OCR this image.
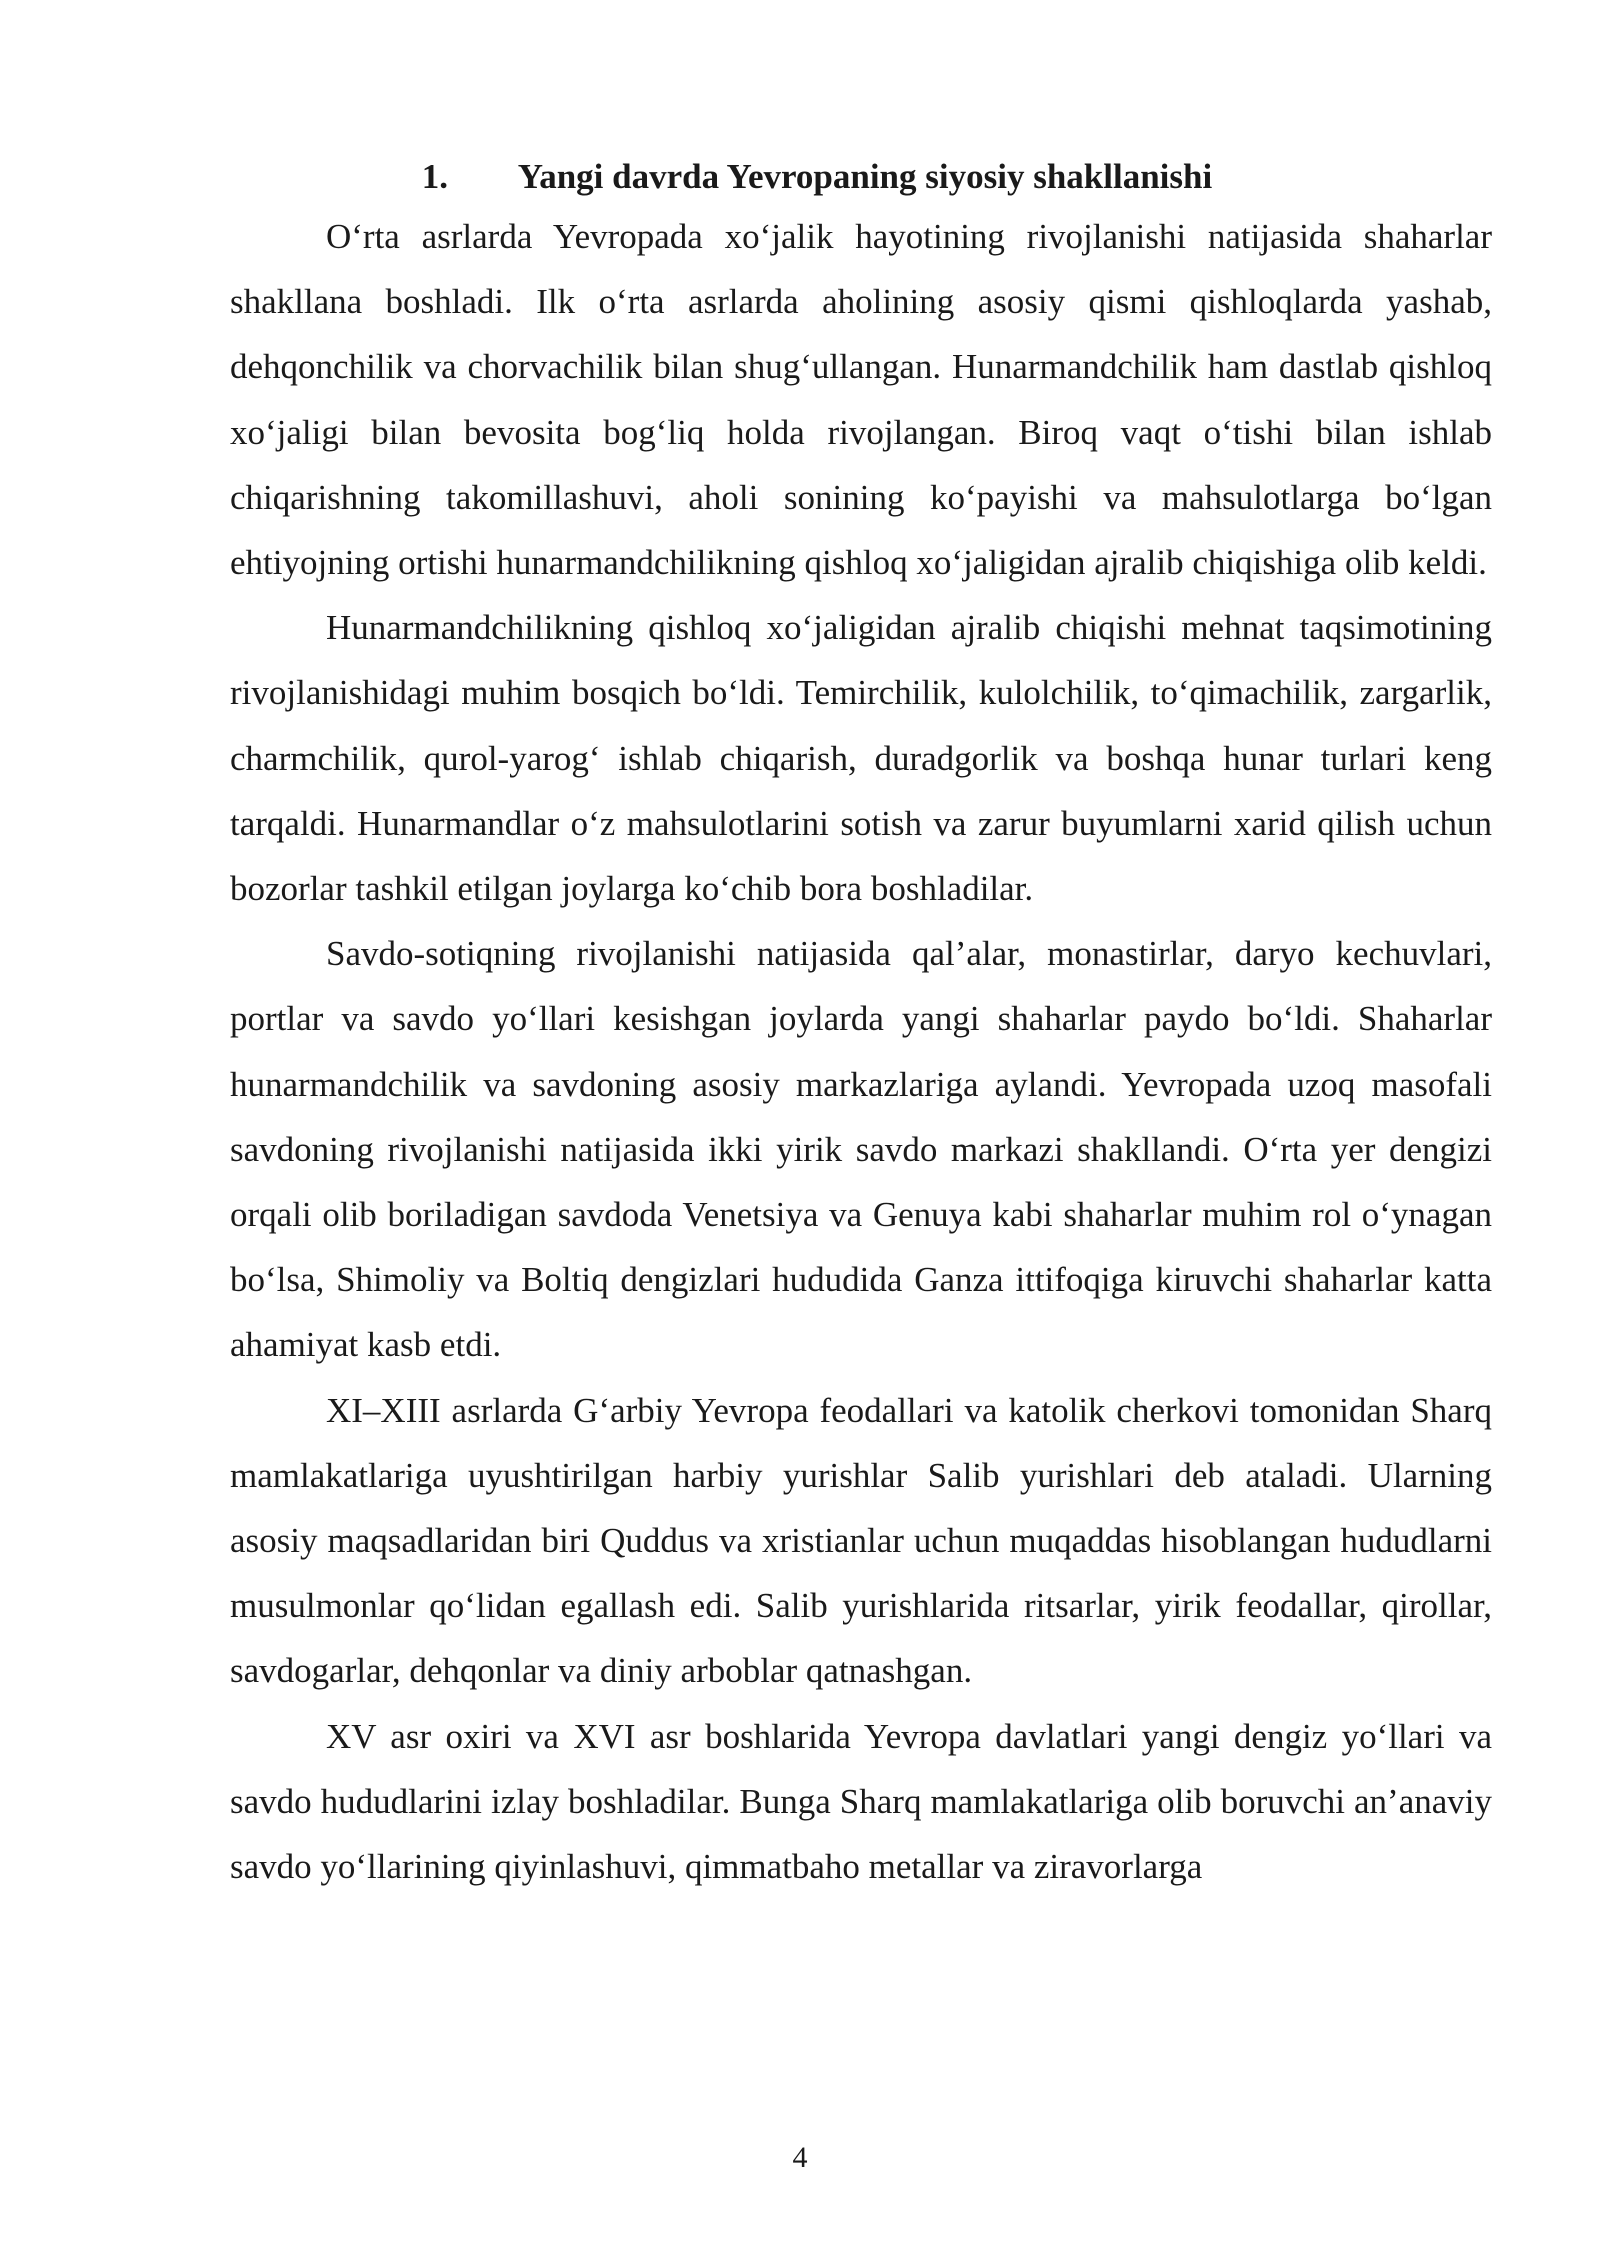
1.	Yangi davrda Yevropaning siyosiy shakllanishi

O‘rta asrlarda Yevropada xo‘jalik hayotining rivojlanishi natijasida shaharlar shakllana boshladi. Ilk o‘rta asrlarda aholining asosiy qismi qishloqlarda yashab, dehqonchilik va chorvachilik bilan shug‘ullangan. Hunarmandchilik ham dastlab qishloq xo‘jaligi bilan bevosita bog‘liq holda rivojlangan. Biroq vaqt o‘tishi bilan ishlab chiqarishning takomillashuvi, aholi sonining ko‘payishi va mahsulotlarga bo‘lgan ehtiyojning ortishi hunarmandchilikning qishloq xo‘jaligidan ajralib chiqishiga olib keldi.

Hunarmandchilikning qishloq xo‘jaligidan ajralib chiqishi mehnat taqsimotining rivojlanishidagi muhim bosqich bo‘ldi. Temirchilik, kulolchilik, to‘qimachilik, zargarlik, charmchilik, qurol-yarog‘ ishlab chiqarish, duradgorlik va boshqa hunar turlari keng tarqaldi. Hunarmandlar o‘z mahsulotlarini sotish va zarur buyumlarni xarid qilish uchun bozorlar tashkil etilgan joylarga ko‘chib bora boshladilar.

Savdo-sotiqning rivojlanishi natijasida qal’alar, monastirlar, daryo kechuvlari, portlar va savdo yo‘llari kesishgan joylarda yangi shaharlar paydo bo‘ldi. Shaharlar hunarmandchilik va savdoning asosiy markazlariga aylandi. Yevropada uzoq masofali savdoning rivojlanishi natijasida ikki yirik savdo markazi shakllandi. O‘rta yer dengizi orqali olib boriladigan savdoda Venetsiya va Genuya kabi shaharlar muhim rol o‘ynagan bo‘lsa, Shimoliy va Boltiq dengizlari hududida Ganza ittifoqiga kiruvchi shaharlar katta ahamiyat kasb etdi.

XI–XIII asrlarda G‘arbiy Yevropa feodallari va katolik cherkovi tomonidan Sharq mamlakatlariga uyushtirilgan harbiy yurishlar Salib yurishlari deb ataladi. Ularning asosiy maqsadlaridan biri Quddus va xristianlar uchun muqaddas hisoblangan hududlarni musulmonlar qo‘lidan egallash edi. Salib yurishlarida ritsarlar, yirik feodallar, qirollar, savdogarlar, dehqonlar va diniy arboblar qatnashgan.

XV asr oxiri va XVI asr boshlarida Yevropa davlatlari yangi dengiz yo‘llari va savdo hududlarini izlay boshladilar. Bunga Sharq mamlakatlariga olib boruvchi an’anaviy savdo yo‘llarining qiyinlashuvi, qimmatbaho metallar va ziravorlarga

4
